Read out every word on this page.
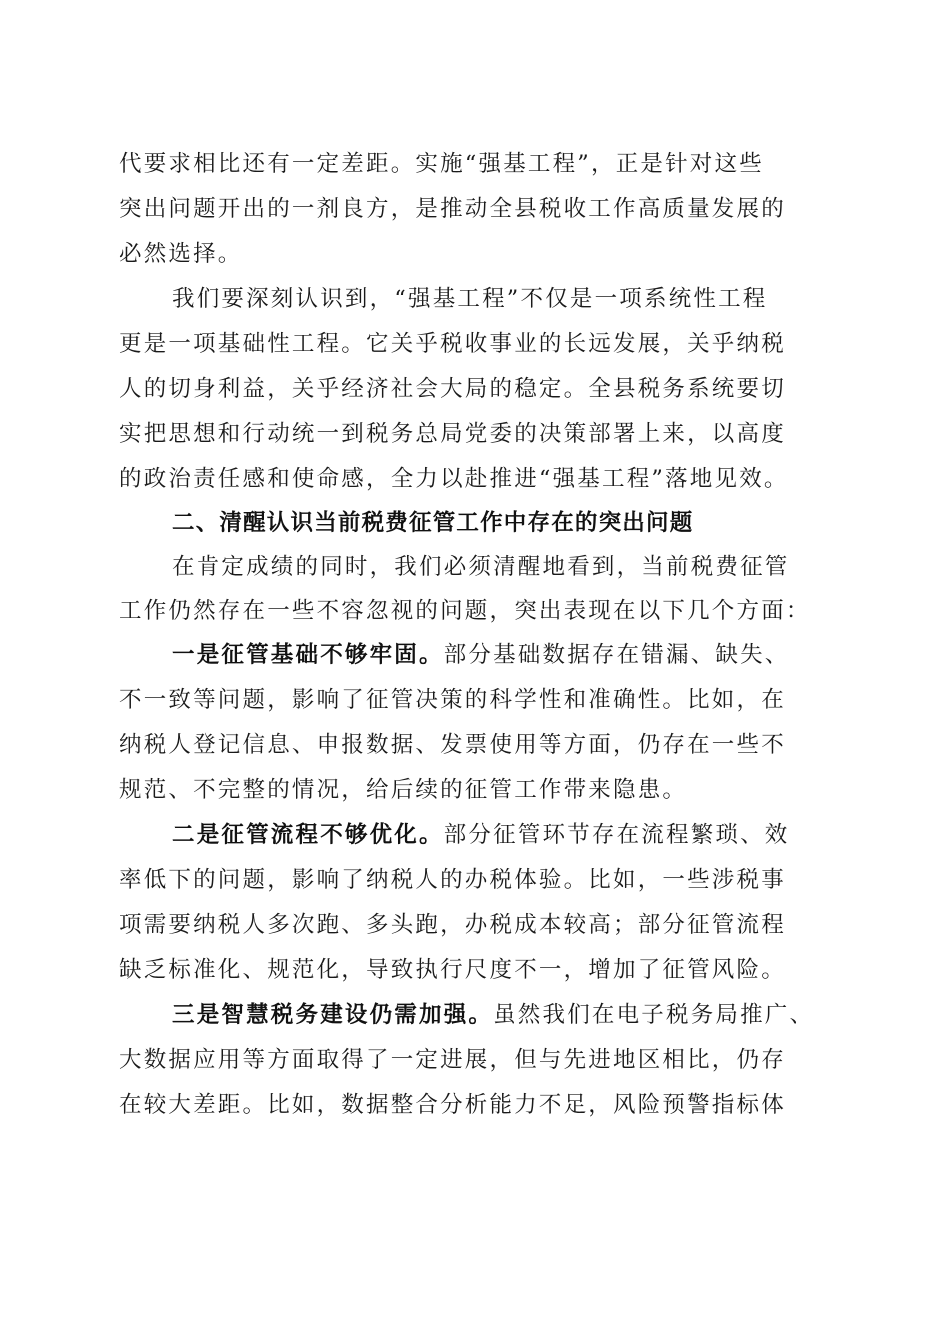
代要求相比还有一定差距。实施“强基工程”，正是针对这些
突出问题开出的一剂良方，是推动全县税收工作高质量发展的
必然选择。
我们要深刻认识到，“强基工程”不仅是一项系统性工程
更是一项基础性工程。它关乎税收事业的长远发展，关乎纳税
人的切身利益，关乎经济社会大局的稳定。全县税务系统要切
实把思想和行动统一到税务总局党委的决策部署上来，以高度
的政治责任感和使命感，全力以赴推进“强基工程”落地见效。
二、清醒认识当前税费征管工作中存在的突出问题
在肯定成绩的同时，我们必须清醒地看到，当前税费征管
工作仍然存在一些不容忽视的问题，突出表现在以下几个方面：
一是征管基础不够牢固。部分基础数据存在错漏、缺失、
不一致等问题，影响了征管决策的科学性和准确性。比如，在
纳税人登记信息、申报数据、发票使用等方面，仍存在一些不
规范、不完整的情况，给后续的征管工作带来隐患。
二是征管流程不够优化。部分征管环节存在流程繁琐、效
率低下的问题，影响了纳税人的办税体验。比如，一些涉税事
项需要纳税人多次跑、多头跑，办税成本较高；部分征管流程
缺乏标准化、规范化，导致执行尺度不一，增加了征管风险。
三是智慧税务建设仍需加强。虽然我们在电子税务局推广、
大数据应用等方面取得了一定进展，但与先进地区相比，仍存
在较大差距。比如，数据整合分析能力不足，风险预警指标体
